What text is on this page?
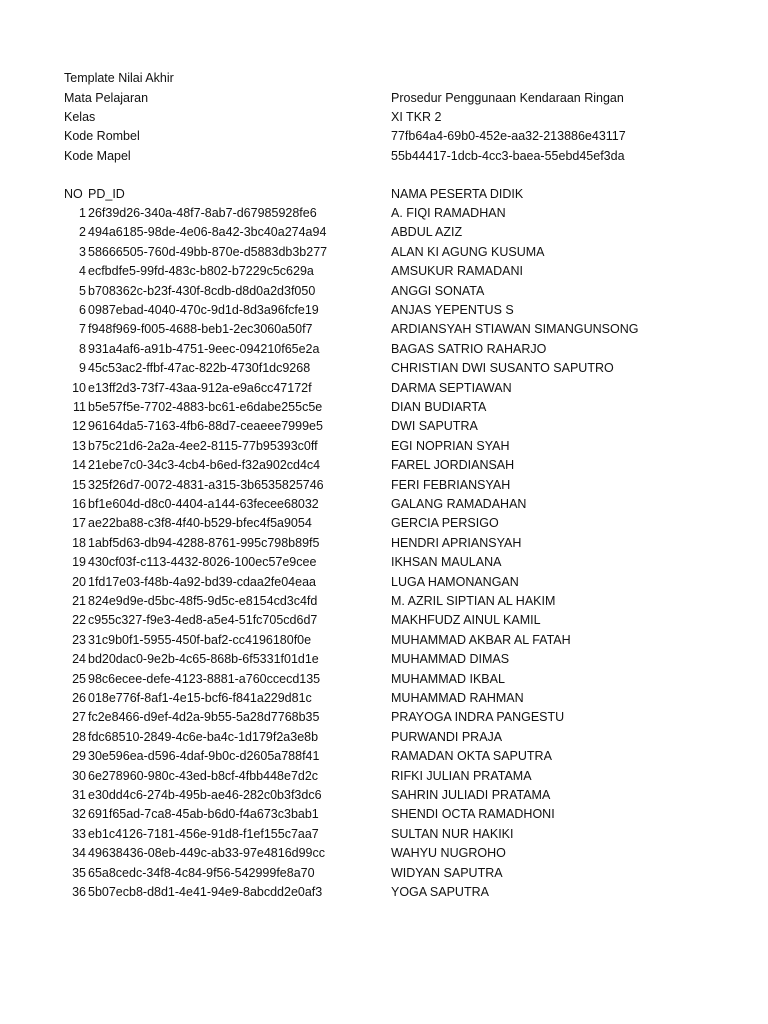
Template Nilai Akhir
Mata Pelajaran	Prosedur Penggunaan Kendaraan Ringan
Kelas	XI TKR 2
Kode Rombel	77fb64a4-69b0-452e-aa32-213886e43117
Kode Mapel	55b44417-1dcb-4cc3-baea-55ebd45ef3da
NO PD_ID	NAMA PESERTA DIDIK
1 26f39d26-340a-48f7-8ab7-d67985928fe6	A. FIQI RAMADHAN
2 494a6185-98de-4e06-8a42-3bc40a274a94	ABDUL AZIZ
3 58666505-760d-49bb-870e-d5883db3b277	ALAN KI AGUNG KUSUMA
4 ecfbdfe5-99fd-483c-b802-b7229c5c629a	AMSUKUR RAMADANI
5 b708362c-b23f-430f-8cdb-d8d0a2d3f050	ANGGI SONATA
6 0987ebad-4040-470c-9d1d-8d3a96fcfe19	ANJAS YEPENTUS S
7 f948f969-f005-4688-beb1-2ec3060a50f7	ARDIANSYAH STIAWAN SIMANGUNSONG
8 931a4af6-a91b-4751-9eec-094210f65e2a	BAGAS SATRIO RAHARJO
9 45c53ac2-ffbf-47ac-822b-4730f1dc9268	CHRISTIAN DWI SUSANTO SAPUTRO
10 e13ff2d3-73f7-43aa-912a-e9a6cc47172f	DARMA SEPTIAWAN
11 b5e57f5e-7702-4883-bc61-e6dabe255c5e	DIAN BUDIARTA
12 96164da5-7163-4fb6-88d7-ceaeee7999e5	DWI SAPUTRA
13 b75c21d6-2a2a-4ee2-8115-77b95393c0ff	EGI NOPRIAN SYAH
14 21ebe7c0-34c3-4cb4-b6ed-f32a902cd4c4	FAREL JORDIANSAH
15 325f26d7-0072-4831-a315-3b6535825746	FERI FEBRIANSYAH
16 bf1e604d-d8c0-4404-a144-63fecee68032	GALANG RAMADAHAN
17 ae22ba88-c3f8-4f40-b529-bfec4f5a9054	GERCIA PERSIGO
18 1abf5d63-db94-4288-8761-995c798b89f5	HENDRI APRIANSYAH
19 430cf03f-c113-4432-8026-100ec57e9cee	IKHSAN MAULANA
20 1fd17e03-f48b-4a92-bd39-cdaa2fe04eaa	LUGA HAMONANGAN
21 824e9d9e-d5bc-48f5-9d5c-e8154cd3c4fd	M. AZRIL SIPTIAN AL HAKIM
22 c955c327-f9e3-4ed8-a5e4-51fc705cd6d7	MAKHFUDZ AINUL KAMIL
23 31c9b0f1-5955-450f-baf2-cc4196180f0e	MUHAMMAD AKBAR AL FATAH
24 bd20dac0-9e2b-4c65-868b-6f5331f01d1e	MUHAMMAD DIMAS
25 98c6ecee-defe-4123-8881-a760ccecd135	MUHAMMAD IKBAL
26 018e776f-8af1-4e15-bcf6-f841a229d81c	MUHAMMAD RAHMAN
27 fc2e8466-d9ef-4d2a-9b55-5a28d7768b35	PRAYOGA INDRA PANGESTU
28 fdc68510-2849-4c6e-ba4c-1d179f2a3e8b	PURWANDI PRAJA
29 30e596ea-d596-4daf-9b0c-d2605a788f41	RAMADAN OKTA SAPUTRA
30 6e278960-980c-43ed-b8cf-4fbb448e7d2c	RIFKI JULIAN PRATAMA
31 e30dd4c6-274b-495b-ae46-282c0b3f3dc6	SAHRIN JULIADI PRATAMA
32 691f65ad-7ca8-45ab-b6d0-f4a673c3bab1	SHENDI OCTA RAMADHONI
33 eb1c4126-7181-456e-91d8-f1ef155c7aa7	SULTAN NUR HAKIKI
34 49638436-08eb-449c-ab33-97e4816d99cc	WAHYU NUGROHO
35 65a8cedc-34f8-4c84-9f56-542999fe8a70	WIDYAN SAPUTRA
36 5b07ecb8-d8d1-4e41-94e9-8abcdd2e0af3	YOGA SAPUTRA
